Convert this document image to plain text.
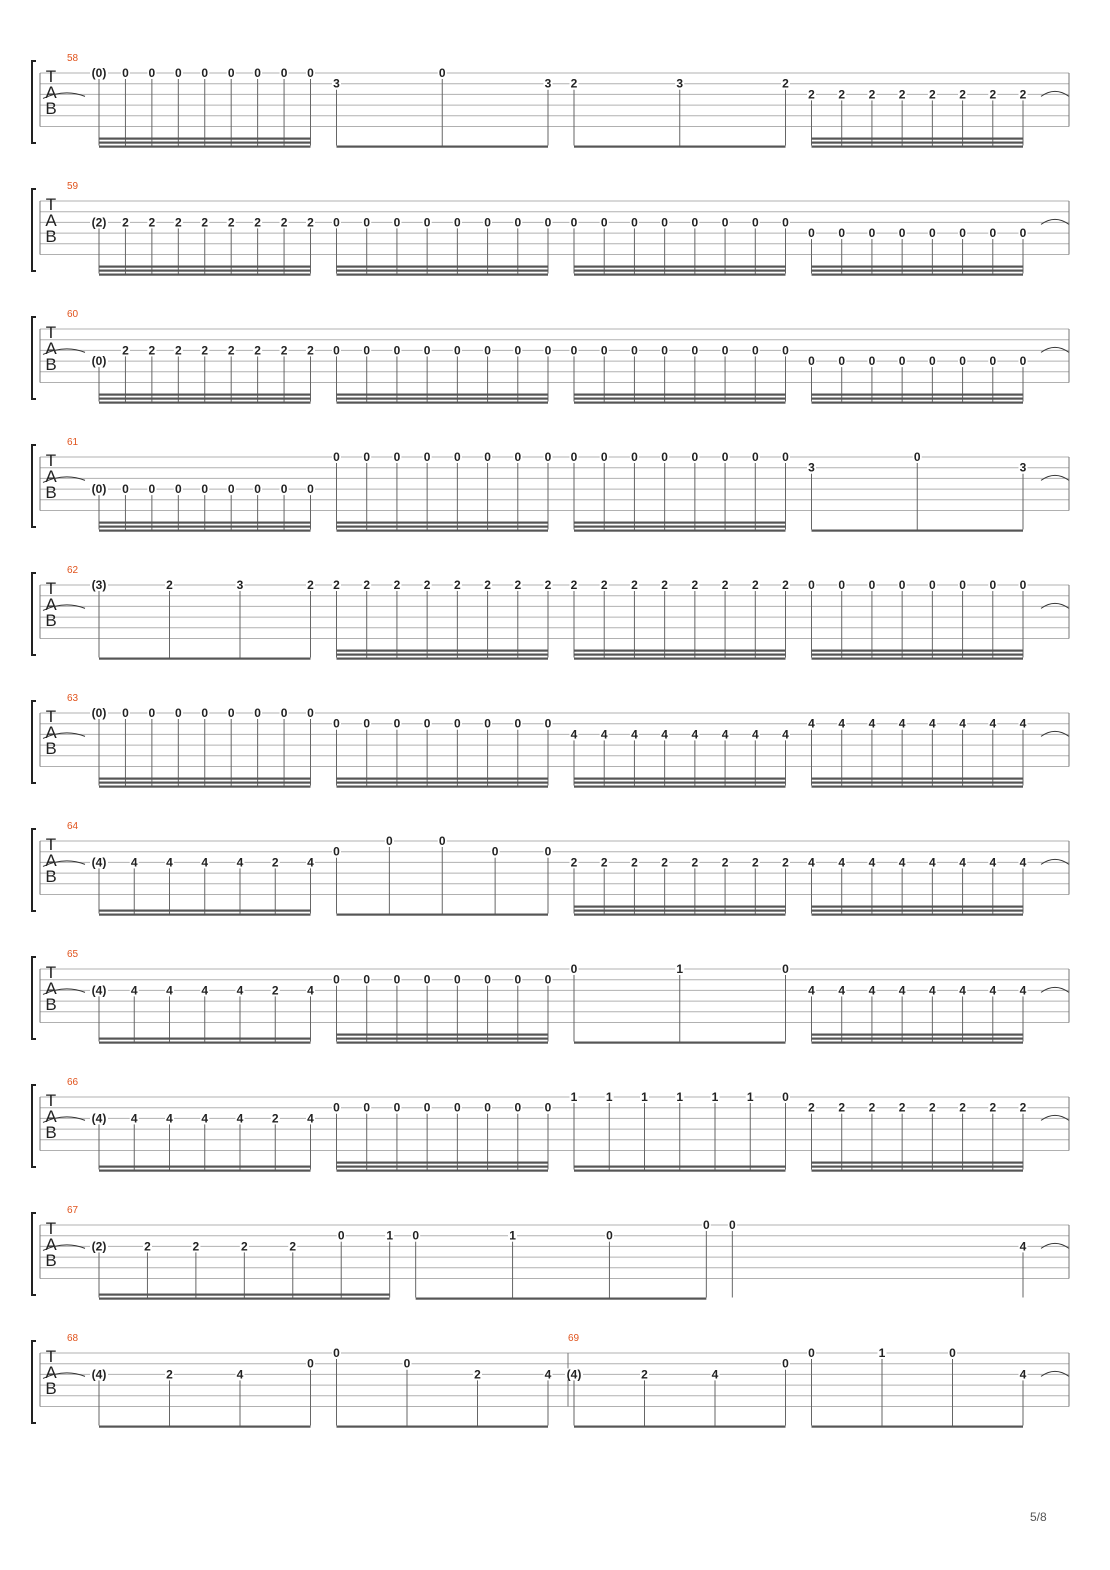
T
A
B
58
(0) 0 0 0 0 0 0 0 0
3
0
3 2	3	2
2 2 2 2 2 2 2 2
T
A
B
59
(2) 2 2 2 2 2 2 2 2 0 0 0 0 0 0 0 0 0 0 0 0 0 0 0 0
0 0 0 0 0 0 0 0
T
A
B
60
(0)
2 2 2 2 2 2 2 2 0 0 0 0 0 0 0 0 0 0 0 0 0 0 0 0
0 0 0 0 0 0 0 0
T
A
B
61
(0) 0 0 0 0 0 0 0 0
0 0 0 0 0 0 0 0 0 0 0 0 0 0 0 0
3
0
3
T
A
B
62
(3)	2	3	2 2 2 2 2 2 2 2 2 2 2 2 2 2 2 2 2 0 0 0 0 0 0 0 0
T
A
B
63
(0) 0 0 0 0 0 0 0 0
0 0 0 0 0 0 0 0
4 4 4 4 4 4 4 4
4 4 4 4 4 4 4 4
T
A
B
64
(4) 4 4 4 4 2 4
0
0	0
0	0
2 2 2 2 2 2 2 2 4 4 4 4 4 4 4 4
T
A
B
65
(4) 4 4 4 4 2 4
0 0 0 0 0 0 0 0
0	1	0
4 4 4 4 4 4 4 4
T
A
B
66
(4) 4 4 4 4 2 4
0 0 0 0 0 0 0 0
1 1 1 1 1 1 0
2 2 2 2 2 2 2 2
T
A
B
67
(2)	2	2	2	2
0	1 0	1	0
0 0
4
T
A
B
68	69
(4)	2	4
0
0
0
2	4 (4)	2	4
0
0	1	0
4
5/8
